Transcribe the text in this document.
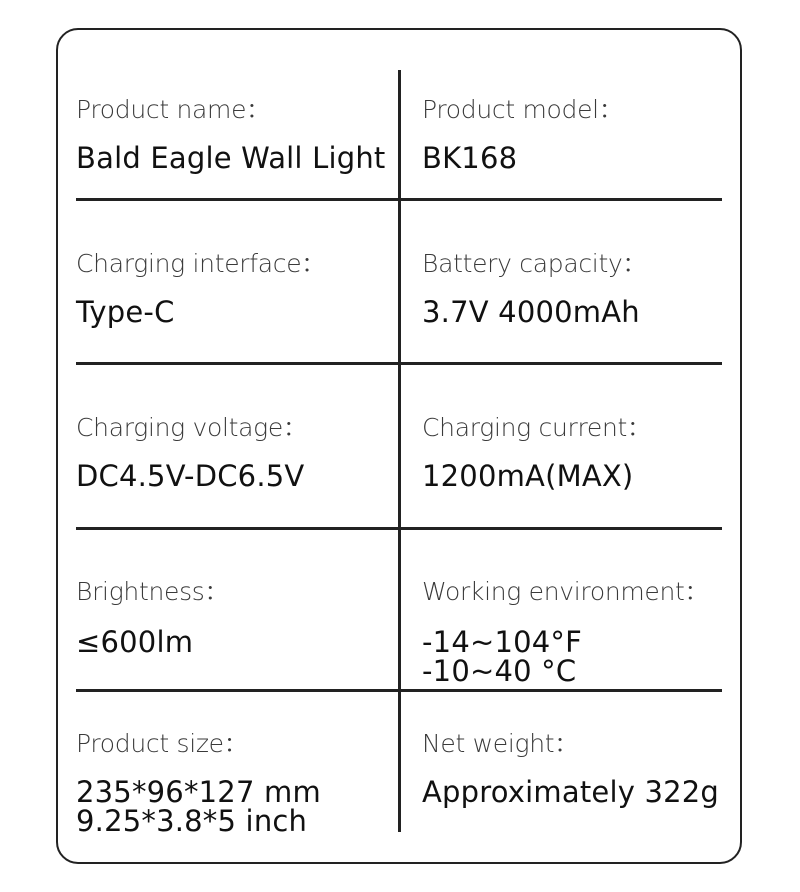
Product name：
Bald Eagle Wall Light
Product model：
BK168
Charging interface：
Type-C
Battery capacity：
3.7V 4000mAh
Charging voltage：
DC4.5V-DC6.5V
Charging current：
1200mA(MAX)
Brightness：
≤600lm
Working environment：
-14~104°F
-10~40 °C
Product size：
235*96*127 mm
9.25*3.8*5 inch
Net weight：
Approximately 322g
